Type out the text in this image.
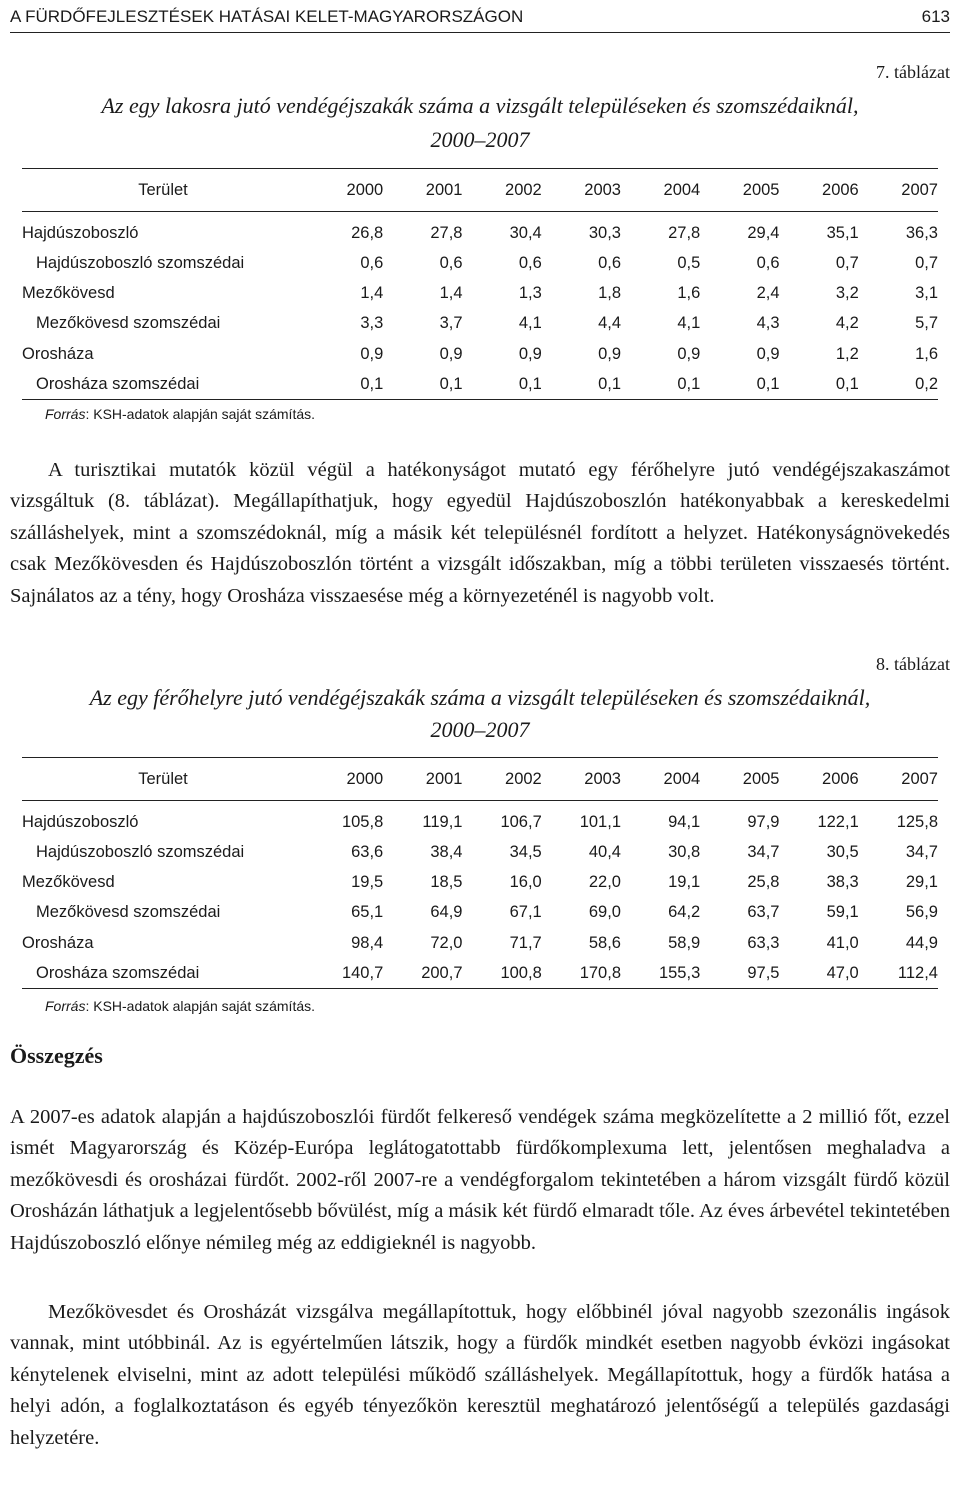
A FÜRDŐFEJLESZTÉSEK HATÁSAI KELET-MAGYARORSZÁGON	613
7. táblázat
Az egy lakosra jutó vendégéjszakák száma a vizsgált településeken és szomszédaiknál,
2000–2007
Terület	2000	2001	2002	2003	2004	2005	2006	2007
Hajdúszoboszló	26,8	27,8	30,4	30,3	27,8	29,4	35,1	36,3
Hajdúszoboszló szomszédai	0,6	0,6	0,6	0,6	0,5	0,6	0,7	0,7
Mezőkövesd	1,4	1,4	1,3	1,8	1,6	2,4	3,2	3,1
Mezőkövesd szomszédai	3,3	3,7	4,1	4,4	4,1	4,3	4,2	5,7
Orosháza	0,9	0,9	0,9	0,9	0,9	0,9	1,2	1,6
Orosháza szomszédai	0,1	0,1	0,1	0,1	0,1	0,1	0,1	0,2
Forrás: KSH-adatok alapján saját számítás.

A turisztikai mutatók közül végül a hatékonyságot mutató egy férőhelyre jutó vendégéjszakaszámot vizsgáltuk (8. táblázat). Megállapíthatjuk, hogy egyedül Hajdúszoboszlón hatékonyabbak a kereskedelmi szálláshelyek, mint a szomszédoknál, míg a másik két településnél fordított a helyzet. Hatékonyságnövekedés csak Mezőkövesden és Hajdúszoboszlón történt a vizsgált időszakban, míg a többi területen visszaesés történt. Sajnálatos az a tény, hogy Orosháza visszaesése még a környezeténél is nagyobb volt.

8. táblázat
Az egy férőhelyre jutó vendégéjszakák száma a vizsgált településeken és szomszédaiknál,
2000–2007
Terület	2000	2001	2002	2003	2004	2005	2006	2007
Hajdúszoboszló	105,8	119,1	106,7	101,1	94,1	97,9	122,1	125,8
Hajdúszoboszló szomszédai	63,6	38,4	34,5	40,4	30,8	34,7	30,5	34,7
Mezőkövesd	19,5	18,5	16,0	22,0	19,1	25,8	38,3	29,1
Mezőkövesd szomszédai	65,1	64,9	67,1	69,0	64,2	63,7	59,1	56,9
Orosháza	98,4	72,0	71,7	58,6	58,9	63,3	41,0	44,9
Orosháza szomszédai	140,7	200,7	100,8	170,8	155,3	97,5	47,0	112,4
Forrás: KSH-adatok alapján saját számítás.
Összegzés

A 2007-es adatok alapján a hajdúszoboszlói fürdőt felkereső vendégek száma megközelítette a 2 millió főt, ezzel ismét Magyarország és Közép-Európa leglátogatottabb fürdőkomplexuma lett, jelentősen meghaladva a mezőkövesdi és orosházai fürdőt. 2002-ről 2007-re a vendégforgalom tekintetében a három vizsgált fürdő közül Orosházán láthatjuk a legjelentősebb bővülést, míg a másik két fürdő elmaradt tőle. Az éves árbevétel tekintetében Hajdúszoboszló előnye némileg még az eddigieknél is nagyobb.

Mezőkövesdet és Orosházát vizsgálva megállapítottuk, hogy előbbinél jóval nagyobb szezonális ingások vannak, mint utóbbinál. Az is egyértelműen látszik, hogy a fürdők mindkét esetben nagyobb évközi ingásokat kénytelenek elviselni, mint az adott települési működő szálláshelyek. Megállapítottuk, hogy a fürdők hatása a helyi adón, a foglalkoztatáson és egyéb tényezőkön keresztül meghatározó jelentőségű a település gazdasági helyzetére.
